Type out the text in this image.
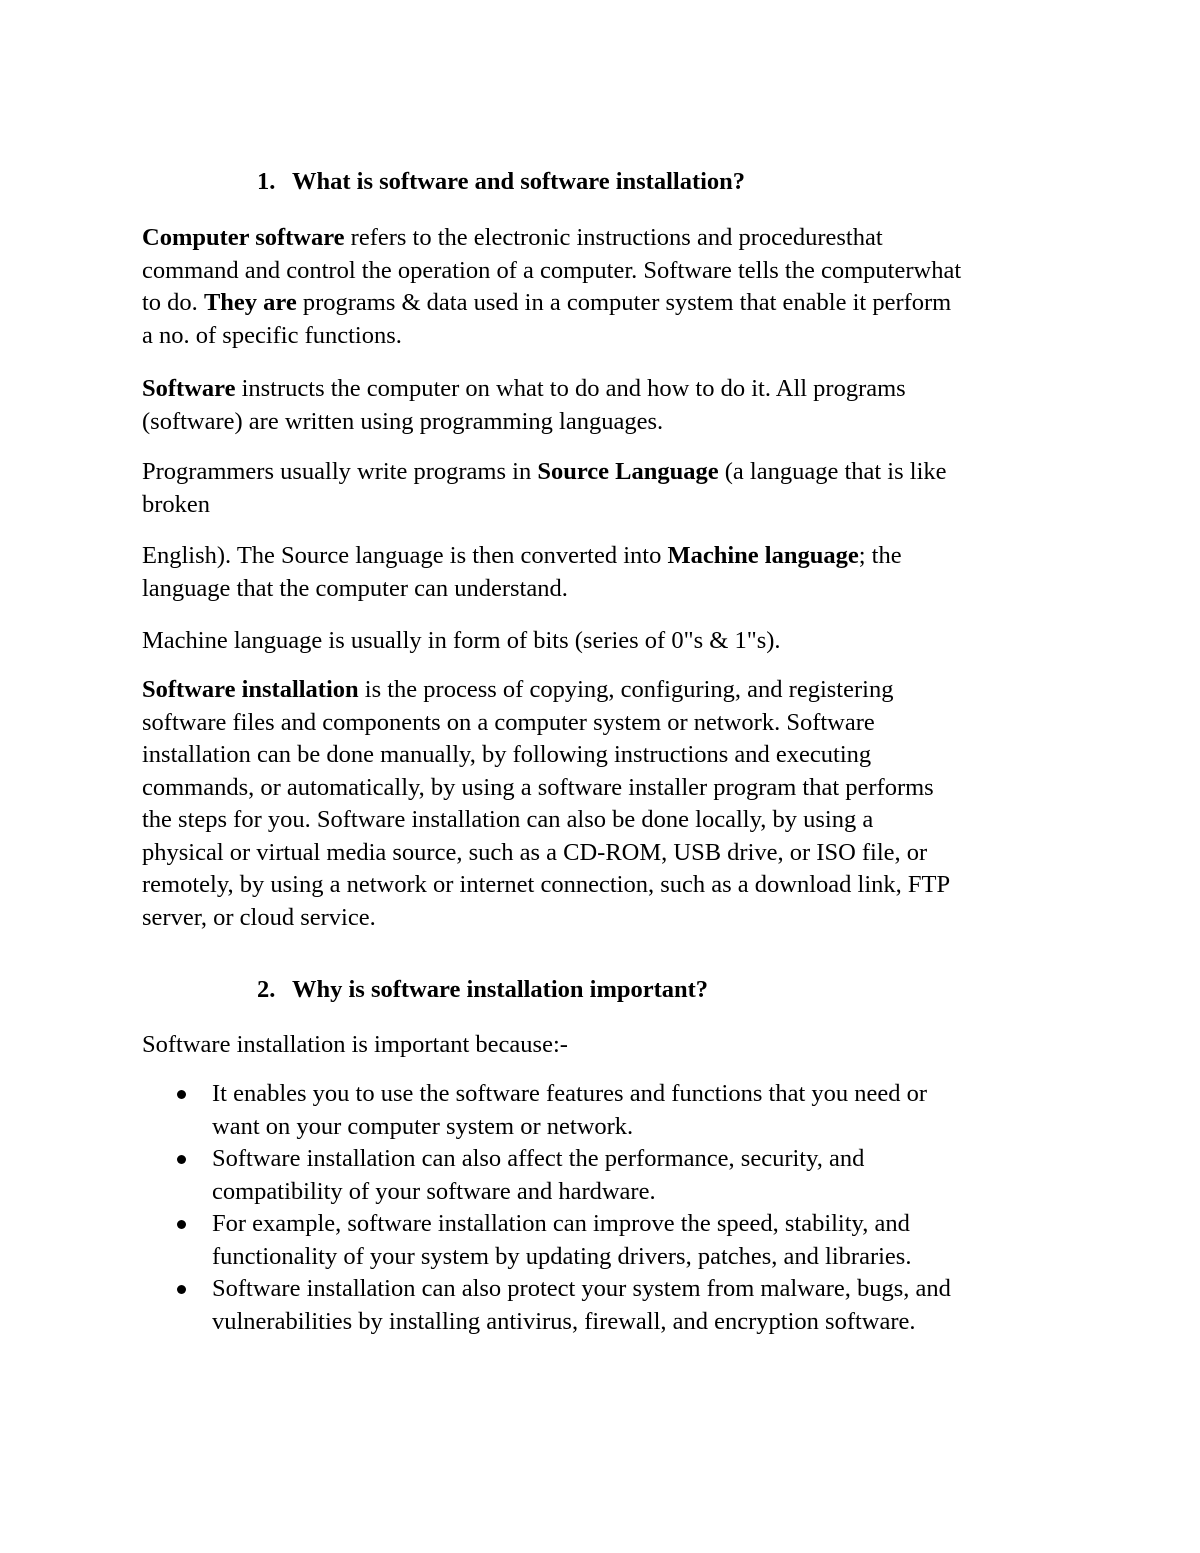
1. What is software and software installation?

Computer software refers to the electronic instructions and proceduresthat
command and control the operation of a computer. Software tells the computerwhat
to do. They are programs & data used in a computer system that enable it perform
a no. of specific functions.

Software instructs the computer on what to do and how to do it. All programs
(software) are written using programming languages.

Programmers usually write programs in Source Language (a language that is like
broken

English). The Source language is then converted into Machine language; the
language that the computer can understand.

Machine language is usually in form of bits (series of 0"s & 1"s).

Software installation is the process of copying, configuring, and registering
software files and components on a computer system or network. Software
installation can be done manually, by following instructions and executing
commands, or automatically, by using a software installer program that performs
the steps for you. Software installation can also be done locally, by using a
physical or virtual media source, such as a CD-ROM, USB drive, or ISO file, or
remotely, by using a network or internet connection, such as a download link, FTP
server, or cloud service.

2. Why is software installation important?

Software installation is important because:-

It enables you to use the software features and functions that you need or
want on your computer system or network.
Software installation can also affect the performance, security, and
compatibility of your software and hardware.
For example, software installation can improve the speed, stability, and
functionality of your system by updating drivers, patches, and libraries.
Software installation can also protect your system from malware, bugs, and
vulnerabilities by installing antivirus, firewall, and encryption software.
